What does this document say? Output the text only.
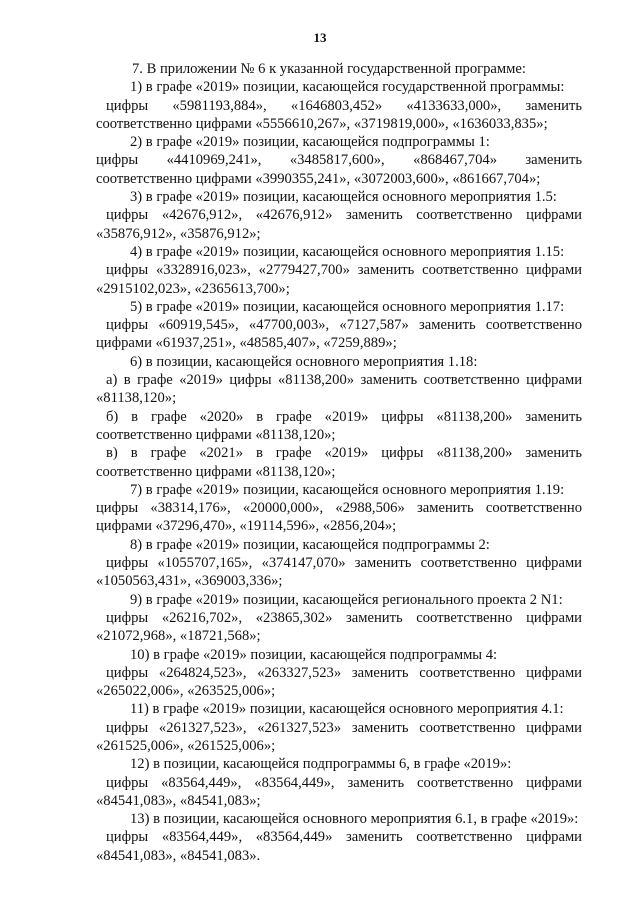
13

7. В приложении № 6 к указанной государственной программе:

1) в графе «2019» позиции, касающейся государственной программы:

цифры «5981193,884», «1646803,452» «4133633,000», заменить соответственно цифрами «5556610,267», «3719819,000», «1636033,835»;

2) в графе «2019» позиции, касающейся подпрограммы 1:

цифры «4410969,241», «3485817,600», «868467,704» заменить соответственно цифрами «3990355,241», «3072003,600», «861667,704»;

3) в графе «2019» позиции, касающейся основного мероприятия 1.5:

цифры «42676,912», «42676,912» заменить соответственно цифрами «35876,912», «35876,912»;

4) в графе «2019» позиции, касающейся основного мероприятия 1.15:

цифры «3328916,023», «2779427,700» заменить соответственно цифрами «2915102,023», «2365613,700»;

5) в графе «2019» позиции, касающейся основного мероприятия 1.17:

цифры «60919,545», «47700,003», «7127,587» заменить соответственно цифрами «61937,251», «48585,407», «7259,889»;

6) в позиции, касающейся основного мероприятия 1.18:

а) в графе «2019» цифры «81138,200» заменить соответственно цифрами «81138,120»;

б) в графе «2020» в графе «2019» цифры «81138,200» заменить соответственно цифрами «81138,120»;

в) в графе «2021» в графе «2019» цифры «81138,200» заменить соответственно цифрами «81138,120»;

7) в графе «2019» позиции, касающейся основного мероприятия 1.19:

цифры «38314,176», «20000,000», «2988,506» заменить соответственно цифрами «37296,470», «19114,596», «2856,204»;

8) в графе «2019» позиции, касающейся подпрограммы 2:

цифры «1055707,165», «374147,070» заменить соответственно цифрами «1050563,431», «369003,336»;

9) в графе «2019» позиции, касающейся регионального проекта 2 N1:

цифры «26216,702», «23865,302» заменить соответственно цифрами «21072,968», «18721,568»;

10) в графе «2019» позиции, касающейся подпрограммы 4:

цифры «264824,523», «263327,523» заменить соответственно цифрами «265022,006», «263525,006»;

11) в графе «2019» позиции, касающейся основного мероприятия 4.1:

цифры «261327,523», «261327,523» заменить соответственно цифрами «261525,006», «261525,006»;

12) в позиции, касающейся подпрограммы 6, в графе «2019»:

цифры «83564,449», «83564,449», заменить соответственно цифрами «84541,083», «84541,083»;

13) в позиции, касающейся основного мероприятия 6.1, в графе «2019»:

цифры «83564,449», «83564,449» заменить соответственно цифрами «84541,083», «84541,083».
